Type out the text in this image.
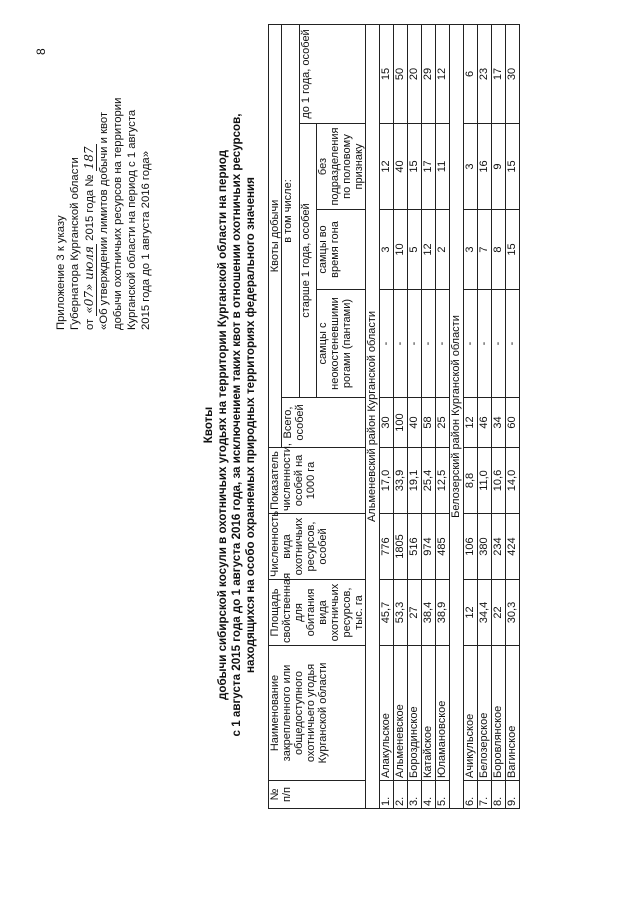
8
Приложение 3 к указу Губернатора Курганской области от «07» июля 2015 года № 187 «Об утверждении лимитов добычи и квот добычи охотничьих ресурсов на территории Курганской области на период с 1 августа 2015 года до 1 августа 2016 года»
Квоты добычи сибирской косули в охотничьих угодьях на территории Курганской области на период с 1 августа 2015 года до 1 августа 2016 года, за исключением таких квот в отношении охотничьих ресурсов, находящихся на особо охраняемых природных территориях федерального значения
№ п/п	Наименование закрепленного или общедоступного охотничьего угодья Курганской области	Площадь свойственная для обитания вида охотничьих ресурсов, тыс. га	Численность вида охотничьих ресурсов, особей	Показатель численности, особей на 1000 га	Квоты добычи				
					Всего, особей	в том числе:			
						старше 1 года, особей			до 1 года, особей
						самцы с неокостеневшими рогами (пантами)	самцы во время гона	без подразделения по половому признаку	
Альменевский район Курганской области									
1.	Алакульское	45,7	776	17,0	30	-	3	12	15
2.	Альменевское	53,3	1805	33,9	100	-	10	40	50
3.	Бороздинское	27	516	19,1	40	-	5	15	20
4.	Катайское	38,4	974	25,4	58	-	12	17	29
5.	Юламановское	38,9	485	12,5	25	-	2	11	12
Белозерский район Курганской области									
6.	Ачикульское	12	106	8,8	12	-	3	3	6
7.	Белозерское	34,4	380	11,0	46	-	7	16	23
8.	Боровлянское	22	234	10,6	34	-	8	9	17
9.	Вагинское	30,3	424	14,0	60	-	15	15	30
